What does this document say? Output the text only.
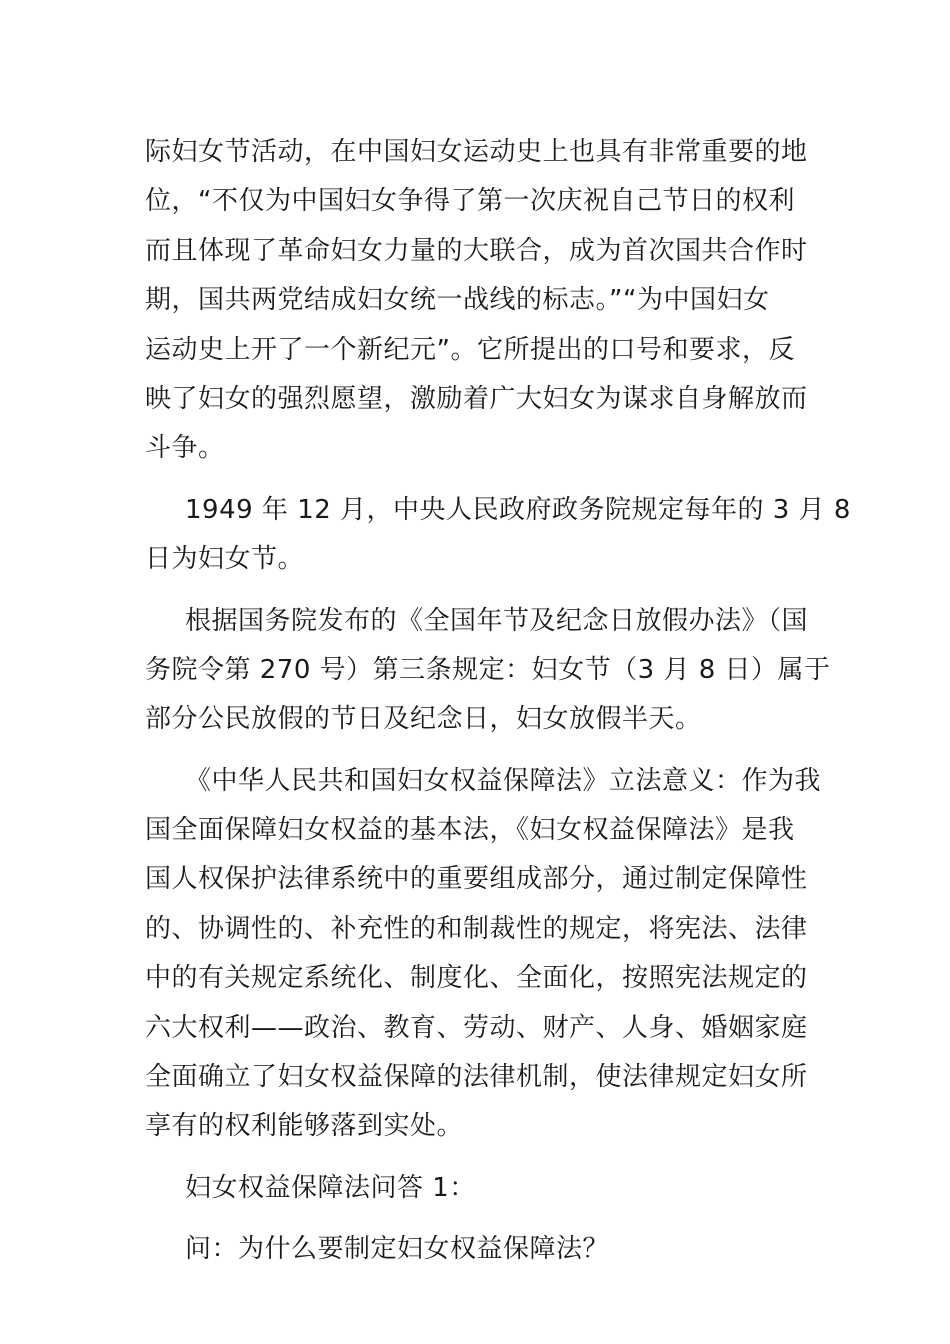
际妇女节活动，在中国妇女运动史上也具有非常重要的地
位，“不仅为中国妇女争得了第一次庆祝自己节日的权利
而且体现了革命妇女力量的大联合，成为首次国共合作时
期，国共两党结成妇女统一战线的标志。”“为中国妇女
运动史上开了一个新纪元”。它所提出的口号和要求，反
映了妇女的强烈愿望，激励着广大妇女为谋求自身解放而
斗争。
1949 年 12 月，中央人民政府政务院规定每年的 3 月 8
日为妇女节。
根据国务院发布的《全国年节及纪念日放假办法》（国
务院令第 270 号）第三条规定：妇女节（3 月 8 日）属于
部分公民放假的节日及纪念日，妇女放假半天。
《中华人民共和国妇女权益保障法》立法意义：作为我
国全面保障妇女权益的基本法，《妇女权益保障法》是我
国人权保护法律系统中的重要组成部分，通过制定保障性
的、协调性的、补充性的和制裁性的规定，将宪法、法律
中的有关规定系统化、制度化、全面化，按照宪法规定的
六大权利——政治、教育、劳动、财产、人身、婚姻家庭
全面确立了妇女权益保障的法律机制，使法律规定妇女所
享有的权利能够落到实处。
妇女权益保障法问答 1：
问：为什么要制定妇女权益保障法？
